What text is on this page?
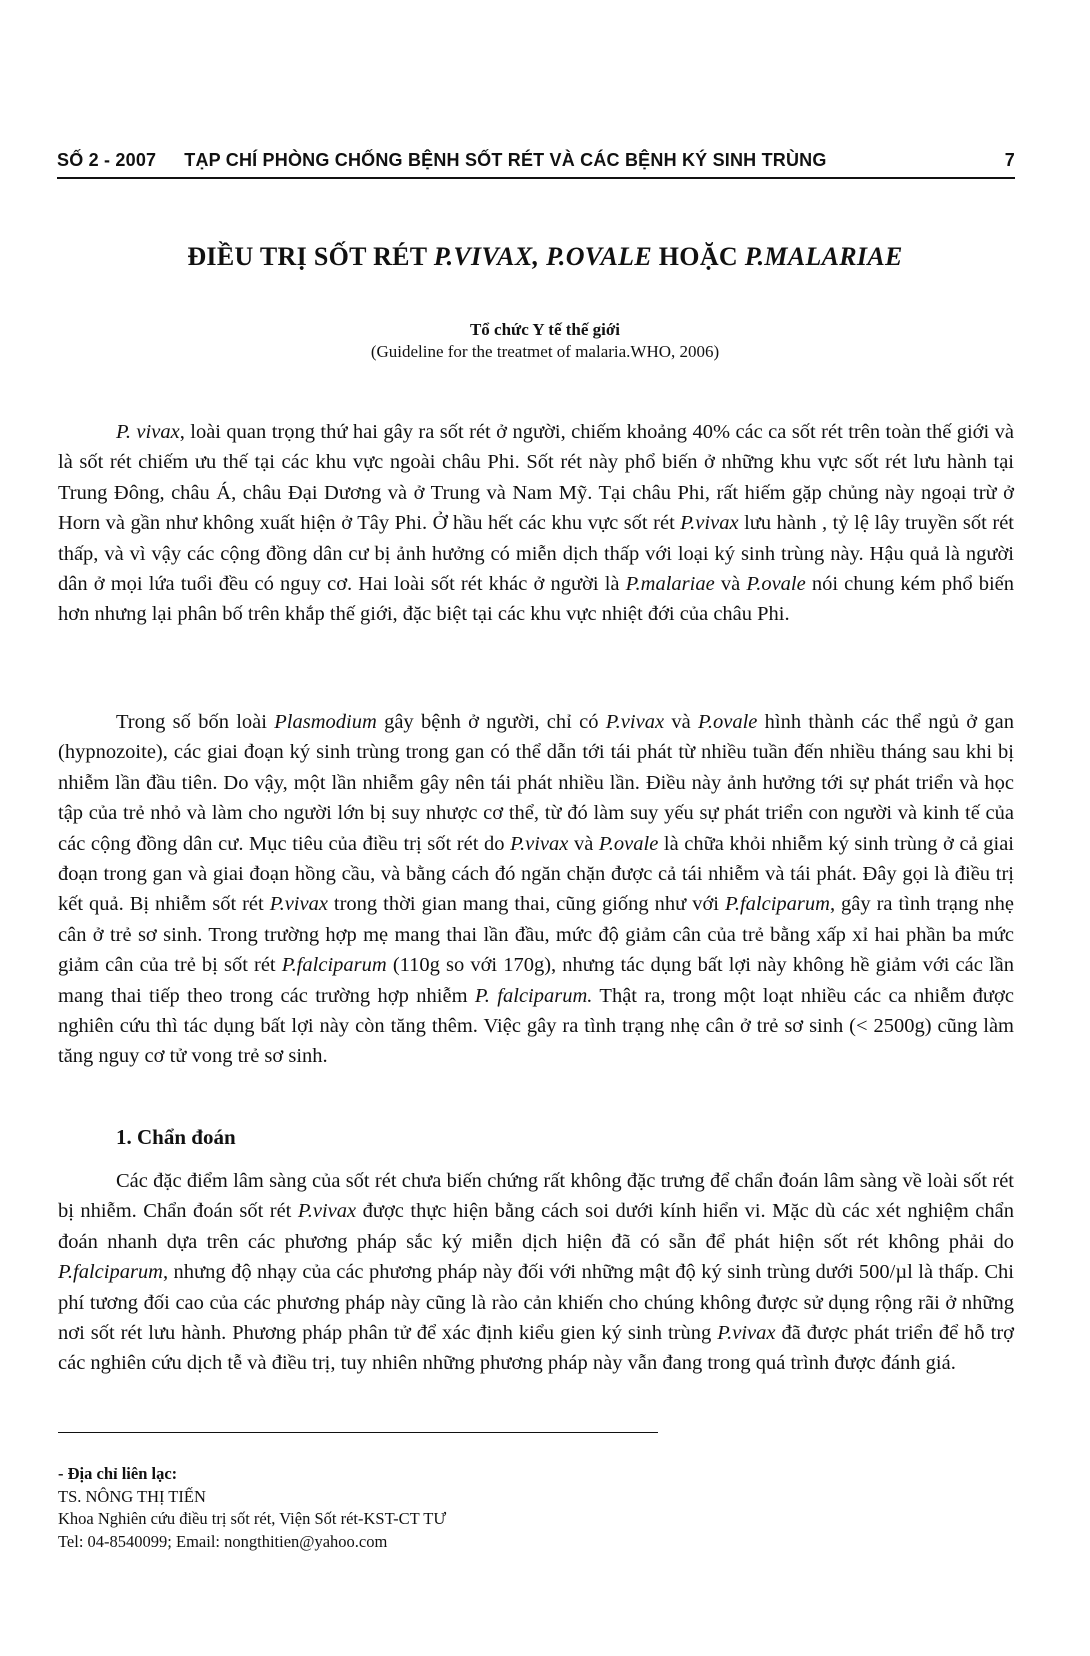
SỐ 2 - 2007 TẠP CHÍ PHÒNG CHỐNG BỆNH SỐT RÉT VÀ CÁC BỆNH KÝ SINH TRÙNG	7
ĐIỀU TRỊ SỐT RÉT P.VIVAX, P.OVALE HOẶC P.MALARIAE
Tổ chức Y tế thế giới
(Guideline for the treatmet of malaria.WHO, 2006)

P. vivax, loài quan trọng thứ hai gây ra sốt rét ở người, chiếm khoảng 40% các ca sốt rét trên toàn thế giới và là sốt rét chiếm ưu thế tại các khu vực ngoài châu Phi. Sốt rét này phổ biến ở những khu vực sốt rét lưu hành tại Trung Đông, châu Á, châu Đại Dương và ở Trung và Nam Mỹ. Tại châu Phi, rất hiếm gặp chủng này ngoại trừ ở Horn và gần như không xuất hiện ở Tây Phi. Ở hầu hết các khu vực sốt rét P.vivax lưu hành , tỷ lệ lây truyền sốt rét thấp, và vì vậy các cộng đồng dân cư bị ảnh hưởng có miễn dịch thấp với loại ký sinh trùng này. Hậu quả là người dân ở mọi lứa tuổi đều có nguy cơ. Hai loài sốt rét khác ở người là P.malariae và P.ovale nói chung kém phổ biến hơn nhưng lại phân bố trên khắp thế giới, đặc biệt tại các khu vực nhiệt đới của châu Phi.

Trong số bốn loài Plasmodium gây bệnh ở người, chỉ có P.vivax và P.ovale hình thành các thể ngủ ở gan (hypnozoite), các giai đoạn ký sinh trùng trong gan có thể dẫn tới tái phát từ nhiều tuần đến nhiều tháng sau khi bị nhiễm lần đầu tiên. Do vậy, một lần nhiễm gây nên tái phát nhiều lần. Điều này ảnh hưởng tới sự phát triển và học tập của trẻ nhỏ và làm cho người lớn bị suy nhược cơ thể, từ đó làm suy yếu sự phát triển con người và kinh tế của các cộng đồng dân cư. Mục tiêu của điều trị sốt rét do P.vivax và P.ovale là chữa khỏi nhiễm ký sinh trùng ở cả giai đoạn trong gan và giai đoạn hồng cầu, và bằng cách đó ngăn chặn được cả tái nhiễm và tái phát. Đây gọi là điều trị kết quả. Bị nhiễm sốt rét P.vivax trong thời gian mang thai, cũng giống như với P.falciparum, gây ra tình trạng nhẹ cân ở trẻ sơ sinh. Trong trường hợp mẹ mang thai lần đầu, mức độ giảm cân của trẻ bằng xấp xỉ hai phần ba mức giảm cân của trẻ bị sốt rét P.falciparum (110g so với 170g), nhưng tác dụng bất lợi này không hề giảm với các lần mang thai tiếp theo trong các trường hợp nhiễm P. falciparum. Thật ra, trong một loạt nhiều các ca nhiễm được nghiên cứu thì tác dụng bất lợi này còn tăng thêm. Việc gây ra tình trạng nhẹ cân ở trẻ sơ sinh (< 2500g) cũng làm tăng nguy cơ tử vong trẻ sơ sinh.

1. Chẩn đoán

Các đặc điểm lâm sàng của sốt rét chưa biến chứng rất không đặc trưng để chẩn đoán lâm sàng về loài sốt rét bị nhiễm. Chẩn đoán sốt rét P.vivax được thực hiện bằng cách soi dưới kính hiển vi. Mặc dù các xét nghiệm chẩn đoán nhanh dựa trên các phương pháp sắc ký miễn dịch hiện đã có sẵn để phát hiện sốt rét không phải do P.falciparum, nhưng độ nhạy của các phương pháp này đối với những mật độ ký sinh trùng dưới 500/µl là thấp. Chi phí tương đối cao của các phương pháp này cũng là rào cản khiến cho chúng không được sử dụng rộng rãi ở những nơi sốt rét lưu hành. Phương pháp phân tử để xác định kiểu gien ký sinh trùng P.vivax đã được phát triển để hỗ trợ các nghiên cứu dịch tễ và điều trị, tuy nhiên những phương pháp này vẫn đang trong quá trình được đánh giá.

- Địa chỉ liên lạc:
TS. NÔNG THỊ TIẾN
Khoa Nghiên cứu điều trị sốt rét, Viện Sốt rét-KST-CT TƯ
Tel: 04-8540099; Email: nongthitien@yahoo.com
